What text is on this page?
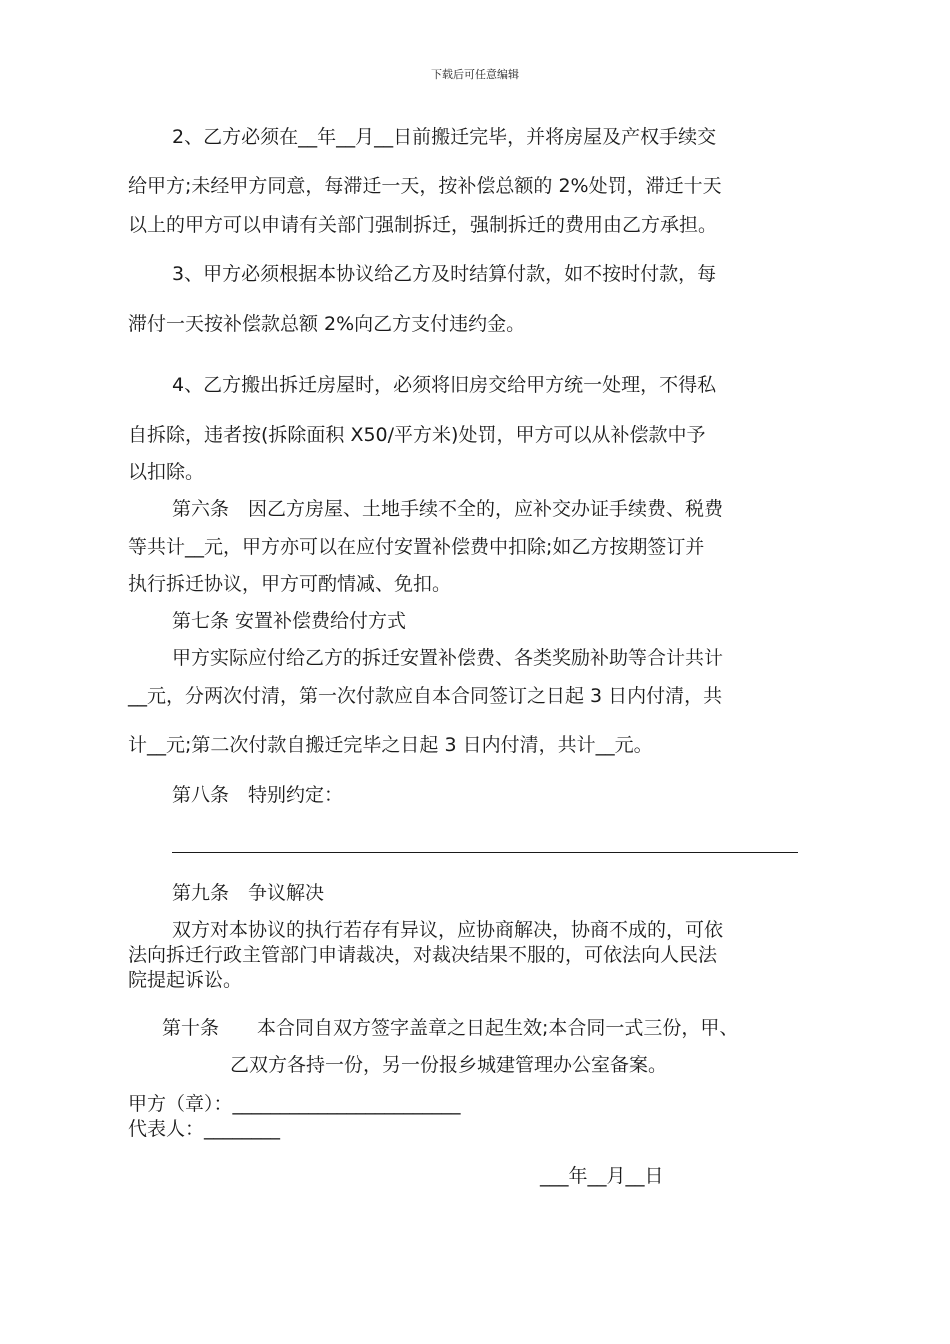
下载后可任意编辑
2、乙方必须在__年__月__日前搬迁完毕，并将房屋及产权手续交
给甲方;未经甲方同意，每滞迁一天，按补偿总额的 2%处罚，滞迁十天
以上的甲方可以申请有关部门强制拆迁，强制拆迁的费用由乙方承担。
3、甲方必须根据本协议给乙方及时结算付款，如不按时付款，每
滞付一天按补偿款总额 2%向乙方支付违约金。
4、乙方搬出拆迁房屋时，必须将旧房交给甲方统一处理，不得私
自拆除，违者按(拆除面积 X50/平方米)处罚，甲方可以从补偿款中予
以扣除。
第六条　因乙方房屋、土地手续不全的，应补交办证手续费、税费
等共计__元，甲方亦可以在应付安置补偿费中扣除;如乙方按期签订并
执行拆迁协议，甲方可酌情减、免扣。
第七条 安置补偿费给付方式
甲方实际应付给乙方的拆迁安置补偿费、各类奖励补助等合计共计
__元，分两次付清，第一次付款应自本合同签订之日起 3 日内付清，共
计__元;第二次付款自搬迁完毕之日起 3 日内付清，共计__元。
第八条　特别约定：
第九条　争议解决
双方对本协议的执行若存有异议，应协商解决，协商不成的，可依
法向拆迁行政主管部门申请裁决，对裁决结果不服的，可依法向人民法
院提起诉讼。
第十条　　本合同自双方签字盖章之日起生效;本合同一式三份，甲、
乙双方各持一份，另一份报乡城建管理办公室备案。
甲方（章）：________________________
代表人：________
___年__月__日
